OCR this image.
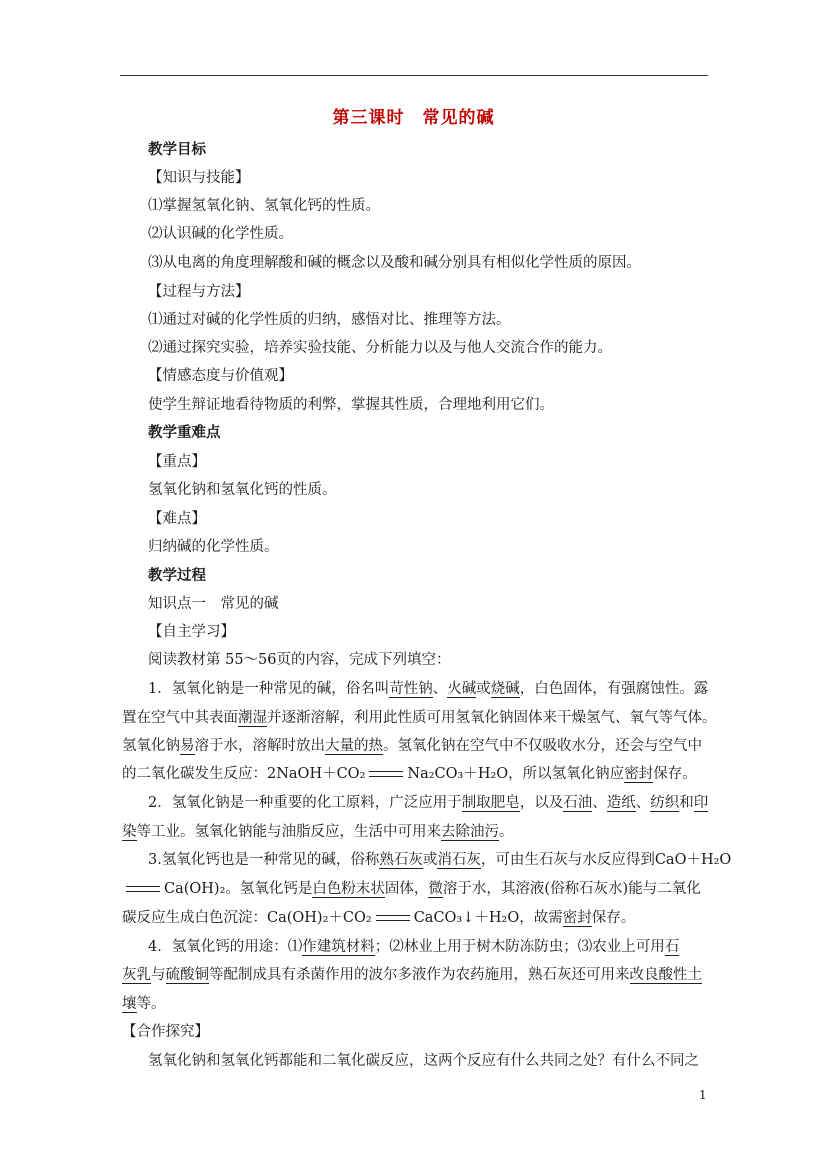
第三课时　常见的碱
教学目标
【知识与技能】
⑴掌握氢氧化钠、氢氧化钙的性质。
⑵认识碱的化学性质。
⑶从电离的角度理解酸和碱的概念以及酸和碱分别具有相似化学性质的原因。
【过程与方法】
⑴通过对碱的化学性质的归纳，感悟对比、推理等方法。
⑵通过探究实验，培养实验技能、分析能力以及与他人交流合作的能力。
【情感态度与价值观】
使学生辩证地看待物质的利弊，掌握其性质，合理地利用它们。
教学重难点
【重点】
氢氧化钠和氢氧化钙的性质。
【难点】
归纳碱的化学性质。
教学过程
知识点一　常见的碱
【自主学习】
阅读教材第 55～56页的内容，完成下列填空：
1．氢氧化钠是一种常见的碱，俗名叫苛性钠、火碱或烧碱，白色固体，有强腐蚀性。露
置在空气中其表面潮湿并逐渐溶解，利用此性质可用氢氧化钠固体来干燥氢气、氧气等气体。
氢氧化钠易溶于水，溶解时放出大量的热。氢氧化钠在空气中不仅吸收水分，还会与空气中
的二氧化碳发生反应：2NaOH＋CO₂	Na₂CO₃＋H₂O，所以氢氧化钠应密封保存。
2．氢氧化钠是一种重要的化工原料，广泛应用于制取肥皂，以及石油、造纸、纺织和印
染等工业。氢氧化钠能与油脂反应，生活中可用来去除油污。
3.氢氧化钙也是一种常见的碱，俗称熟石灰或消石灰，可由生石灰与水反应得到CaO＋H₂O
Ca(OH)₂。氢氧化钙是白色粉末状固体，微溶于水，其溶液(俗称石灰水)能与二氧化
碳反应生成白色沉淀：Ca(OH)₂＋CO₂	CaCO₃↓＋H₂O，故需密封保存。
4．氢氧化钙的用途：⑴作建筑材料；⑵林业上用于树木防冻防虫；⑶农业上可用石
灰乳与硫酸铜等配制成具有杀菌作用的波尔多液作为农药施用，熟石灰还可用来改良酸性土
壤等。
【合作探究】
氢氧化钠和氢氧化钙都能和二氧化碳反应，这两个反应有什么共同之处？有什么不同之
1
